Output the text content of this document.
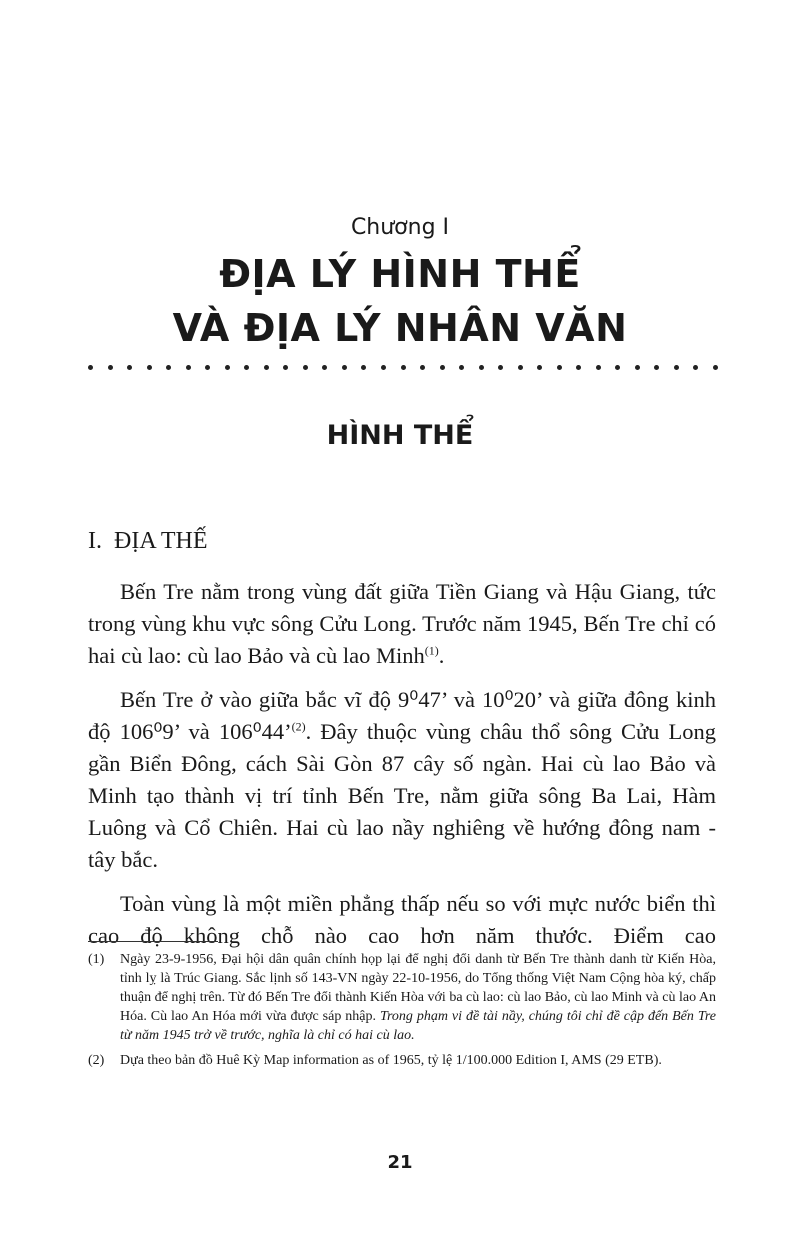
Chương I
ĐỊA LÝ HÌNH THỂ
VÀ ĐỊA LÝ NHÂN VĂN
HÌNH THỂ
I.  ĐỊA THẾ

Bến Tre nằm trong vùng đất giữa Tiền Giang và Hậu Giang, tức trong vùng khu vực sông Cửu Long. Trước năm 1945, Bến Tre chỉ có hai cù lao: cù lao Bảo và cù lao Minh$^{(1)}$.

Bến Tre ở vào giữa bắc vĩ độ 9⁰47’ và 10⁰20’ và giữa đông kinh độ 106⁰9’ và 106⁰44’$^{(2)}$. Đây thuộc vùng châu thổ sông Cửu Long gần Biển Đông, cách Sài Gòn 87 cây số ngàn. Hai cù lao Bảo và Minh tạo thành vị trí tỉnh Bến Tre, nằm giữa sông Ba Lai, Hàm Luông và Cổ Chiên. Hai cù lao nầy nghiêng về hướng đông nam - tây bắc.

Toàn vùng là một miền phẳng thấp nếu so với mực nước biển thì cao độ không chỗ nào cao hơn năm thước. Điểm cao

(1)	Ngày 23-9-1956, Đại hội dân quân chính họp lại để nghị đổi danh từ Bến Tre thành danh từ Kiến Hòa, tỉnh lỵ là Trúc Giang. Sắc lịnh số 143-VN ngày 22-10-1956, do Tổng thống Việt Nam Cộng hòa ký, chấp thuận để nghị trên. Từ đó Bến Tre đổi thành Kiến Hòa với ba cù lao: cù lao Bảo, cù lao Minh và cù lao An Hóa. Cù lao An Hóa mới vừa được sáp nhập. Trong phạm vi đề tài nầy, chúng tôi chỉ đề cập đến Bến Tre từ năm 1945 trở về trước, nghĩa là chỉ có hai cù lao.
(2)	Dựa theo bản đồ Huê Kỳ Map information as of 1965, tỷ lệ 1/100.000 Edition I, AMS (29 ETB).
21
